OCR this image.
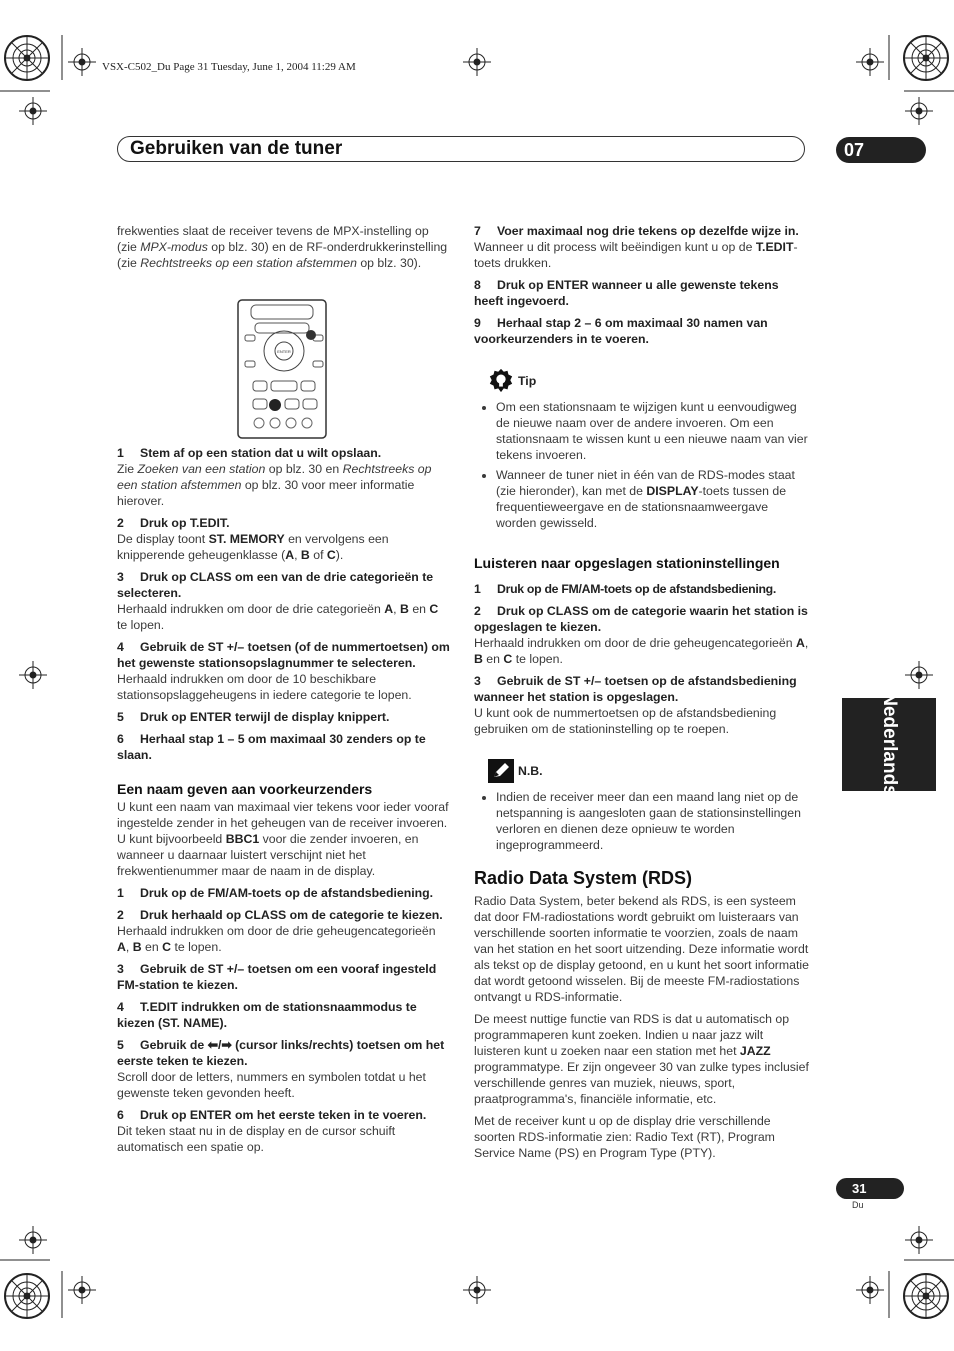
VSX-C502_Du Page 31 Tuesday, June 1, 2004 11:29 AM
Gebruiken van de tuner	07
Nederlands
31
Du
ENTER

frekwenties slaat de receiver tevens de MPX-instelling op (zie MPX-modus op blz. 30) en de RF-onderdrukkerinstelling (zie Rechtstreeks op een station afstemmen op blz. 30).

1 Stem af op een station dat u wilt opslaan.

Zie Zoeken van een station op blz. 30 en Rechtstreeks op een station afstemmen op blz. 30 voor meer informatie hierover.

2 Druk op T.EDIT.

De display toont ST. MEMORY en vervolgens een knipperende geheugenklasse (A, B of C).

3 Druk op CLASS om een van de drie categorieën te selecteren.

Herhaald indrukken om door de drie categorieën A, B en C te lopen.

4 Gebruik de ST +/– toetsen (of de nummertoetsen) om het gewenste stationsopslagnummer te selecteren.

Herhaald indrukken om door de 10 beschikbare stationsopslaggeheugens in iedere categorie te lopen.

5 Druk op ENTER terwijl de display knippert.

6 Herhaal stap 1 – 5 om maximaal 30 zenders op te slaan.

Een naam geven aan voorkeurzenders

U kunt een naam van maximaal vier tekens voor ieder vooraf ingestelde zender in het geheugen van de receiver invoeren. U kunt bijvoorbeeld BBC1 voor die zender invoeren, en wanneer u daarnaar luistert verschijnt niet het frekwentienummer maar de naam in de display.

1 Druk op de FM/AM-toets op de afstandsbediening.

2 Druk herhaald op CLASS om de categorie te kiezen.

Herhaald indrukken om door de drie geheugencategorieën A, B en C te lopen.

3 Gebruik de ST +/– toetsen om een vooraf ingesteld FM-station te kiezen.

4 T.EDIT indrukken om de stationsnaammodus te kiezen (ST. NAME).

5 Gebruik de ⬅/➡ (cursor links/rechts) toetsen om het eerste teken te kiezen.

Scroll door de letters, nummers en symbolen totdat u het gewenste teken gevonden heeft.

6 Druk op ENTER om het eerste teken in te voeren.

Dit teken staat nu in de display en de cursor schuift automatisch een spatie op.

7 Voer maximaal nog drie tekens op dezelfde wijze in.

Wanneer u dit process wilt beëindigen kunt u op de T.EDIT-toets drukken.

8 Druk op ENTER wanneer u alle gewenste tekens heeft ingevoerd.

9 Herhaal stap 2 – 6 om maximaal 30 namen van voorkeurzenders in te voeren.

Tip
• Om een stationsnaam te wijzigen kunt u eenvoudigweg de nieuwe naam over de andere invoeren. Om een stationsnaam te wissen kunt u een nieuwe naam van vier tekens invoeren.
• Wanneer de tuner niet in één van de RDS-modes staat (zie hieronder), kan met de DISPLAY-toets tussen de frequentieweergave en de stationsnaamweergave worden gewisseld.
Luisteren naar opgeslagen stationinstellingen

1 Druk op de FM/AM-toets op de afstandsbediening.

2 Druk op CLASS om de categorie waarin het station is opgeslagen te kiezen.

Herhaald indrukken om door de drie geheugencategorieën A, B en C te lopen.

3 Gebruik de ST +/– toetsen op de afstandsbediening wanneer het station is opgeslagen.

U kunt ook de nummertoetsen op de afstandsbediening gebruiken om de stationinstelling op te roepen.

N.B.
• Indien de receiver meer dan een maand lang niet op de netspanning is aangesloten gaan de stationsinstellingen verloren en dienen deze opnieuw te worden ingeprogrammeerd.
Radio Data System (RDS)

Radio Data System, beter bekend als RDS, is een systeem dat door FM-radiostations wordt gebruikt om luisteraars van verschillende soorten informatie te voorzien, zoals de naam van het station en het soort uitzending. Deze informatie wordt als tekst op de display getoond, en u kunt het soort informatie dat wordt getoond wisselen. Bij de meeste FM-radiostations ontvangt u RDS-informatie.

De meest nuttige functie van RDS is dat u automatisch op programmaperen kunt zoeken. Indien u naar jazz wilt luisteren kunt u zoeken naar een station met het JAZZ programmatype. Er zijn ongeveer 30 van zulke types inclusief verschillende genres van muziek, nieuws, sport, praatprogramma's, financiële informatie, etc.

Met de receiver kunt u op de display drie verschillende soorten RDS-informatie zien: Radio Text (RT), Program Service Name (PS) en Program Type (PTY).
